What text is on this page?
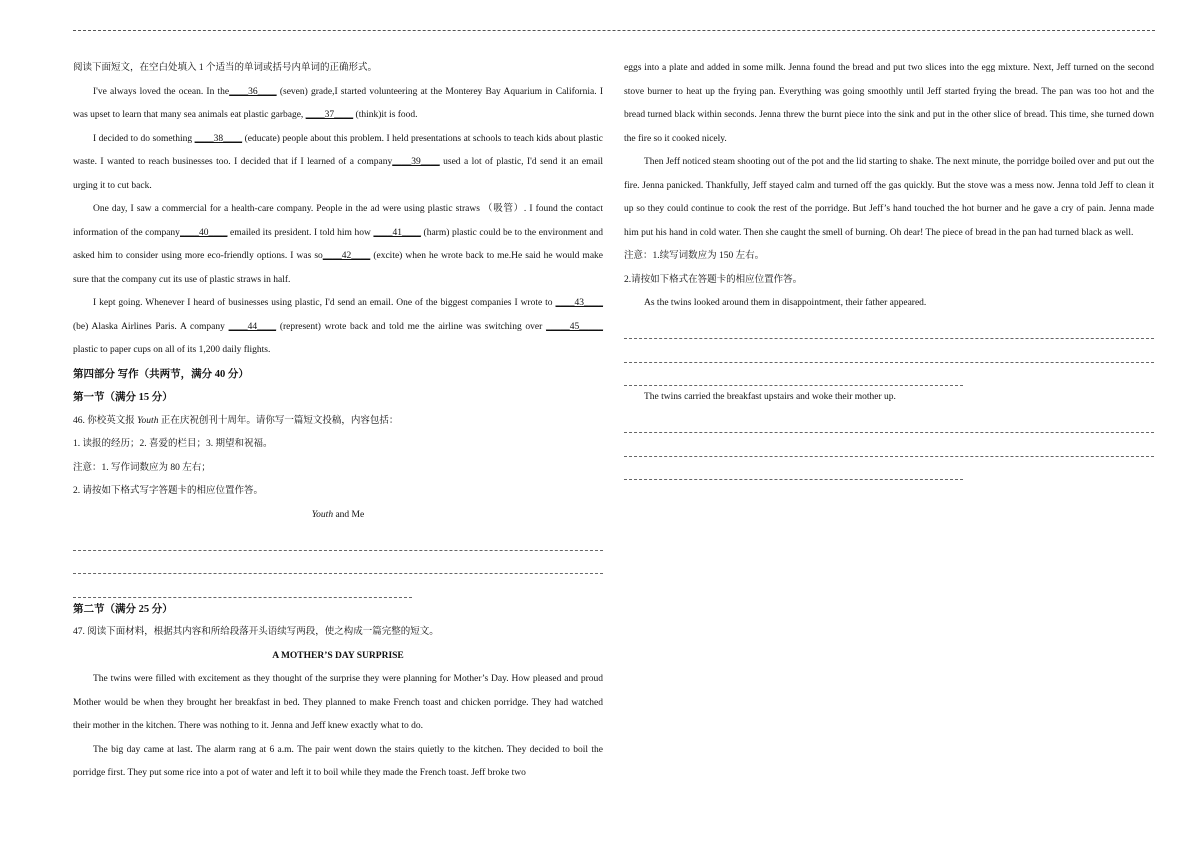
阅读下面短文，在空白处填入 1 个适当的单词或括号内单词的正确形式。

I've always loved the ocean. In the____36____ (seven) grade,I started volunteering at the Monterey Bay Aquarium in California. I was upset to learn that many sea animals eat plastic garbage, ____37____ (think)it is food.

I decided to do something ____38____ (educate) people about this problem. I held presentations at schools to teach kids about plastic waste. I wanted to reach businesses too. I decided that if I learned of a company____39____ used a lot of plastic, I'd send it an email urging it to cut back.

One day, I saw a commercial for a health-care company. People in the ad were using plastic straws （吸管）. I found the contact information of the company____40____ emailed its president. I told him how ____41____ (harm) plastic could be to the environment and asked him to consider using more eco-friendly options. I was so____42____ (excite) when he wrote back to me.He said he would make sure that the company cut its use of plastic straws in half.

I kept going. Whenever I heard of businesses using plastic, I'd send an email. One of the biggest companies I wrote to ____43____ (be) Alaska Airlines Paris. A company ____44____ (represent) wrote back and told me the airline was switching over _____45_____ plastic to paper cups on all of its 1,200 daily flights.

第四部分 写作（共两节，满分 40 分）

第一节（满分 15 分）

46. 你校英文报 Youth 正在庆祝创刊十周年。请你写一篇短文投稿，内容包括：

1. 读报的经历；2. 喜爱的栏目；3. 期望和祝福。

注意：1. 写作词数应为 80 左右；

2. 请按如下格式写字答题卡的相应位置作答。

Youth and Me

第二节（满分 25 分）

47. 阅读下面材料，根据其内容和所给段落开头语续写两段，使之构成一篇完整的短文。

A MOTHER’S DAY SURPRISE

The twins were filled with excitement as they thought of the surprise they were planning for Mother’s Day. How pleased and proud Mother would be when they brought her breakfast in bed. They planned to make French toast and chicken porridge. They had watched their mother in the kitchen. There was nothing to it. Jenna and Jeff knew exactly what to do.

The big day came at last. The alarm rang at 6 a.m. The pair went down the stairs quietly to the kitchen. They decided to boil the porridge first. They put some rice into a pot of water and left it to boil while they made the French toast. Jeff broke two

eggs into a plate and added in some milk. Jenna found the bread and put two slices into the egg mixture. Next, Jeff turned on the second stove burner to heat up the frying pan. Everything was going smoothly until Jeff started frying the bread. The pan was too hot and the bread turned black within seconds. Jenna threw the burnt piece into the sink and put in the other slice of bread. This time, she turned down the fire so it cooked nicely.

Then Jeff noticed steam shooting out of the pot and the lid starting to shake. The next minute, the porridge boiled over and put out the fire. Jenna panicked. Thankfully, Jeff stayed calm and turned off the gas quickly. But the stove was a mess now. Jenna told Jeff to clean it up so they could continue to cook the rest of the porridge. But Jeff’s hand touched the hot burner and he gave a cry of pain. Jenna made him put his hand in cold water. Then she caught the smell of burning. Oh dear! The piece of bread in the pan had turned black as well.

注意：1.续写词数应为 150 左右。

2.请按如下格式在答题卡的相应位置作答。

As the twins looked around them in disappointment, their father appeared.

The twins carried the breakfast upstairs and woke their mother up.
